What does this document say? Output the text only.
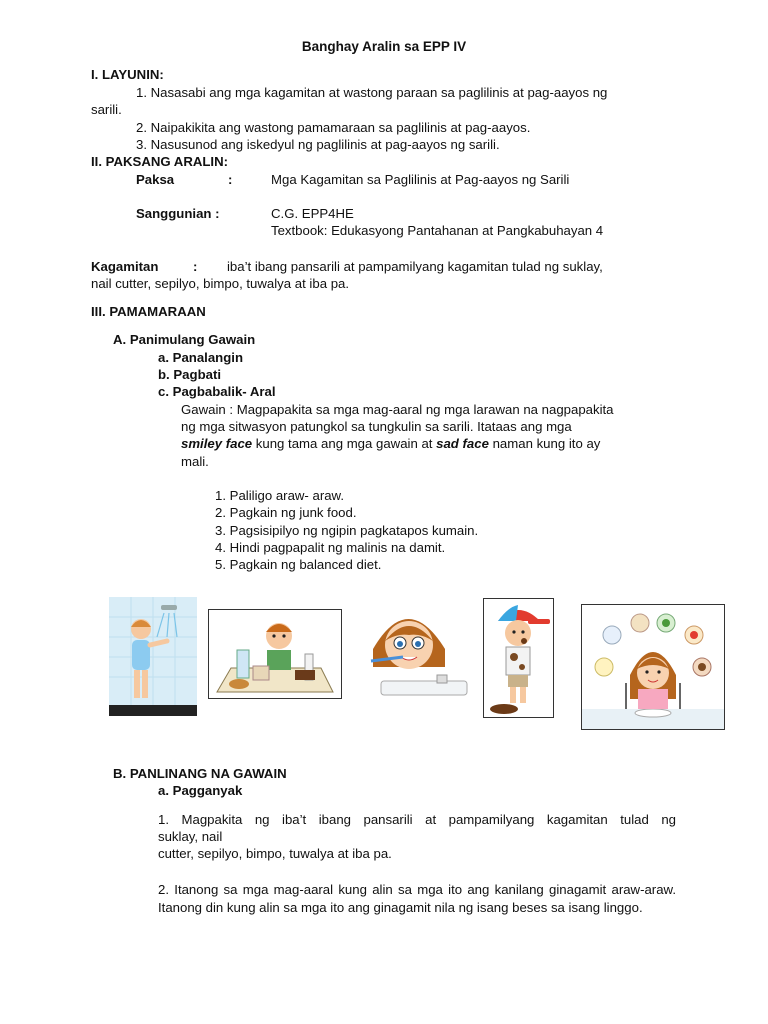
Banghay Aralin sa EPP IV
I. LAYUNIN:
1. Nasasabi ang mga kagamitan at wastong paraan sa paglilinis at pag-aayos ng
sarili.
2. Naipakikita ang wastong pamamaraan sa paglilinis at pag-aayos.
3. Nasusunod ang iskedyul ng paglilinis at pag-aayos ng sarili.
II. PAKSANG ARALIN:
Paksa	:	Mga Kagamitan sa Paglilinis at Pag-aayos ng Sarili
Sanggunian :	C.G. EPP4HE
Textbook: Edukasyong Pantahanan at Pangkabuhayan 4
Kagamitan	: iba’t ibang pansarili at pampamilyang kagamitan tulad ng suklay,
nail cutter, sepilyo, bimpo, tuwalya at iba pa.
III. PAMAMARAAN
A. Panimulang Gawain
a. Panalangin
b. Pagbati
c. Pagbabalik- Aral
Gawain : Magpapakita sa mga mag-aaral ng mga larawan na nagpapakita
ng mga sitwasyon patungkol sa tungkulin sa sarili. Itataas ang mga
smiley face kung tama ang mga gawain at sad face naman kung ito ay
mali.
1. Paliligo araw- araw.
2. Pagkain ng junk food.
3. Pagsisipilyo ng ngipin pagkatapos kumain.
4. Hindi pagpapalit ng malinis na damit.
5. Pagkain ng balanced diet.
B. PANLINANG NA GAWAIN
a. Pagganyak
1. Magpakita ng iba’t ibang pansarili at pampamilyang kagamitan tulad ng
suklay, nail
cutter, sepilyo, bimpo, tuwalya at iba pa.
2. Itanong sa mga mag-aaral kung alin sa mga ito ang kanilang ginagamit araw-araw. Itanong din kung alin sa mga ito ang ginagamit nila ng isang beses sa isang linggo.
